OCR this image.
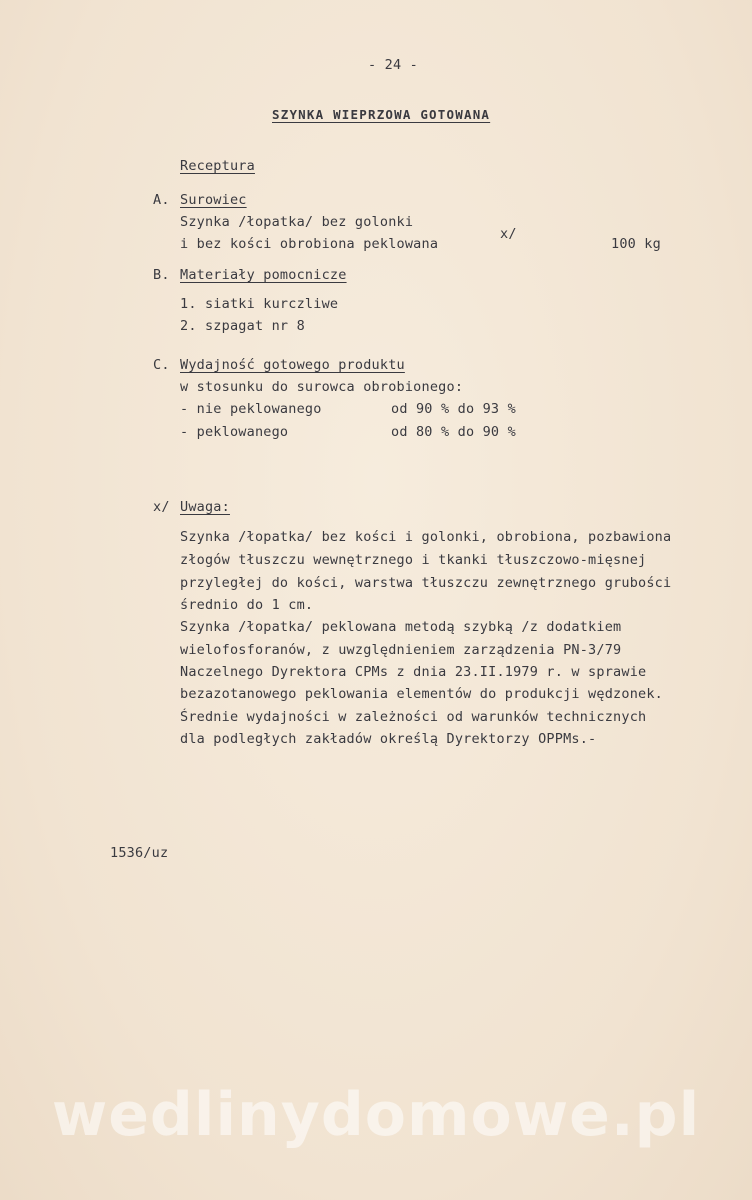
- 24 -
SZYNKA WIEPRZOWA GOTOWANA
Receptura
A. Surowiec
Szynka /łopatka/ bez golonki
x/
i bez kości obrobiona peklowana	100 kg
B. Materiały pomocnicze
1. siatki kurczliwe
2. szpagat nr 8
C. Wydajność gotowego produktu
w stosunku do surowca obrobionego:
- nie peklowanego	od 90 % do 93 %
- peklowanego	od 80 % do 90 %
x/ Uwaga:
Szynka /łopatka/ bez kości i golonki, obrobiona, pozbawiona
złogów tłuszczu wewnętrznego i tkanki tłuszczowo-mięsnej
przyległej do kości, warstwa tłuszczu zewnętrznego grubości
średnio do 1 cm.
Szynka /łopatka/ peklowana metodą szybką /z dodatkiem
wielofosforanów, z uwzględnieniem zarządzenia PN-3/79
Naczelnego Dyrektora CPMs z dnia 23.II.1979 r. w sprawie
bezazotanowego peklowania elementów do produkcji wędzonek.
Średnie wydajności w zależności od warunków technicznych
dla podległych zakładów określą Dyrektorzy OPPMs.-
1536/uz
wedlinydomowe.pl
